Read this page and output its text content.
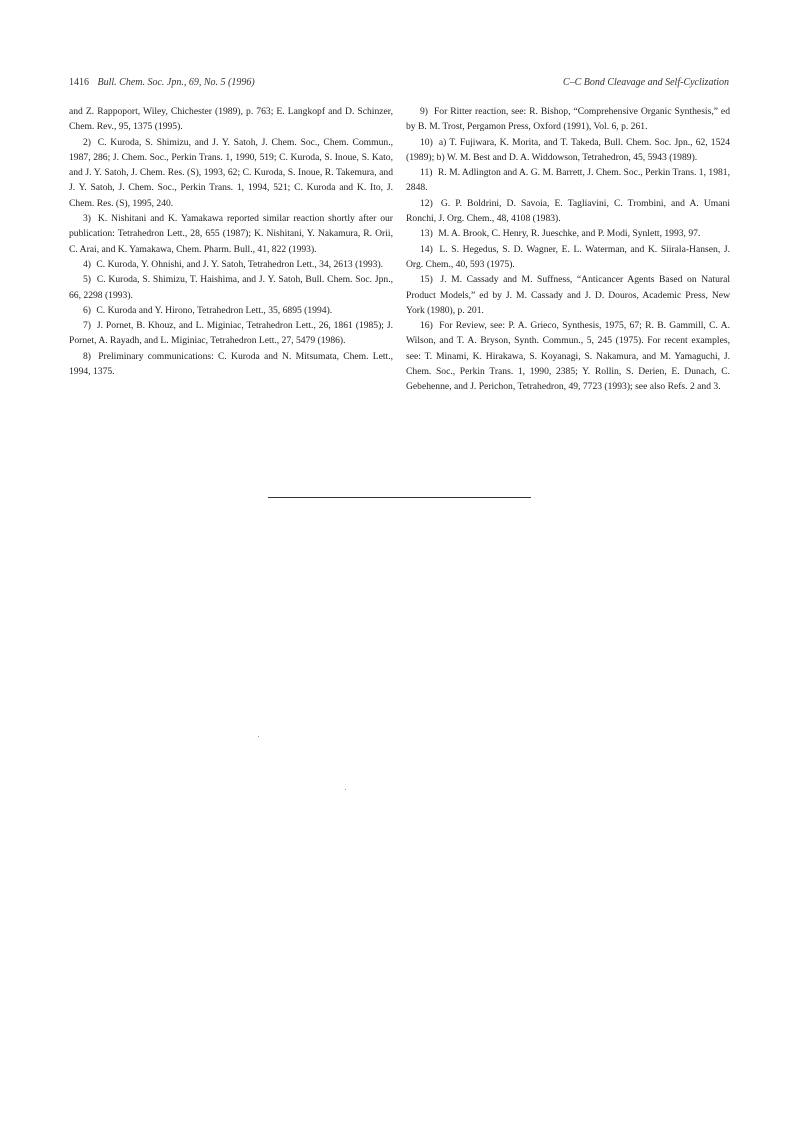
1416 Bull. Chem. Soc. Jpn., 69, No. 5 (1996)	C–C Bond Cleavage and Self-Cyclization

and Z. Rappoport, Wiley, Chichester (1989), p. 763; E. Langkopf and D. Schinzer, Chem. Rev., 95, 1375 (1995).

2) C. Kuroda, S. Shimizu, and J. Y. Satoh, J. Chem. Soc., Chem. Commun., 1987, 286; J. Chem. Soc., Perkin Trans. 1, 1990, 519; C. Kuroda, S. Inoue, S. Kato, and J. Y. Satoh, J. Chem. Res. (S), 1993, 62; C. Kuroda, S. Inoue, R. Takemura, and J. Y. Satoh, J. Chem. Soc., Perkin Trans. 1, 1994, 521; C. Kuroda and K. Ito, J. Chem. Res. (S), 1995, 240.

3) K. Nishitani and K. Yamakawa reported similar reaction shortly after our publication: Tetrahedron Lett., 28, 655 (1987); K. Nishitani, Y. Nakamura, R. Orii, C. Arai, and K. Yamakawa, Chem. Pharm. Bull., 41, 822 (1993).

4) C. Kuroda, Y. Ohnishi, and J. Y. Satoh, Tetrahedron Lett., 34, 2613 (1993).

5) C. Kuroda, S. Shimizu, T. Haishima, and J. Y. Satoh, Bull. Chem. Soc. Jpn., 66, 2298 (1993).

6) C. Kuroda and Y. Hirono, Tetrahedron Lett., 35, 6895 (1994).

7) J. Pornet, B. Khouz, and L. Miginiac, Tetrahedron Lett., 26, 1861 (1985); J. Pornet, A. Rayadh, and L. Miginiac, Tetrahedron Lett., 27, 5479 (1986).

8) Preliminary communications: C. Kuroda and N. Mitsumata, Chem. Lett., 1994, 1375.

9) For Ritter reaction, see: R. Bishop, “Comprehensive Organic Synthesis,” ed by B. M. Trost, Pergamon Press, Oxford (1991), Vol. 6, p. 261.

10) a) T. Fujiwara, K. Morita, and T. Takeda, Bull. Chem. Soc. Jpn., 62, 1524 (1989); b) W. M. Best and D. A. Widdowson, Tetrahedron, 45, 5943 (1989).

11) R. M. Adlington and A. G. M. Barrett, J. Chem. Soc., Perkin Trans. 1, 1981, 2848.

12) G. P. Boldrini, D. Savoia, E. Tagliavini, C. Trombini, and A. Umani Ronchi, J. Org. Chem., 48, 4108 (1983).

13) M. A. Brook, C. Henry, R. Jueschke, and P. Modi, Synlett, 1993, 97.

14) L. S. Hegedus, S. D. Wagner, E. L. Waterman, and K. Siirala-Hansen, J. Org. Chem., 40, 593 (1975).

15) J. M. Cassady and M. Suffness, “Anticancer Agents Based on Natural Product Models,” ed by J. M. Cassady and J. D. Douros, Academic Press, New York (1980), p. 201.

16) For Review, see: P. A. Grieco, Synthesis, 1975, 67; R. B. Gammill, C. A. Wilson, and T. A. Bryson, Synth. Commun., 5, 245 (1975). For recent examples, see: T. Minami, K. Hirakawa, S. Koyanagi, S. Nakamura, and M. Yamaguchi, J. Chem. Soc., Perkin Trans. 1, 1990, 2385; Y. Rollin, S. Derien, E. Dunach, C. Gebehenne, and J. Perichon, Tetrahedron, 49, 7723 (1993); see also Refs. 2 and 3.
